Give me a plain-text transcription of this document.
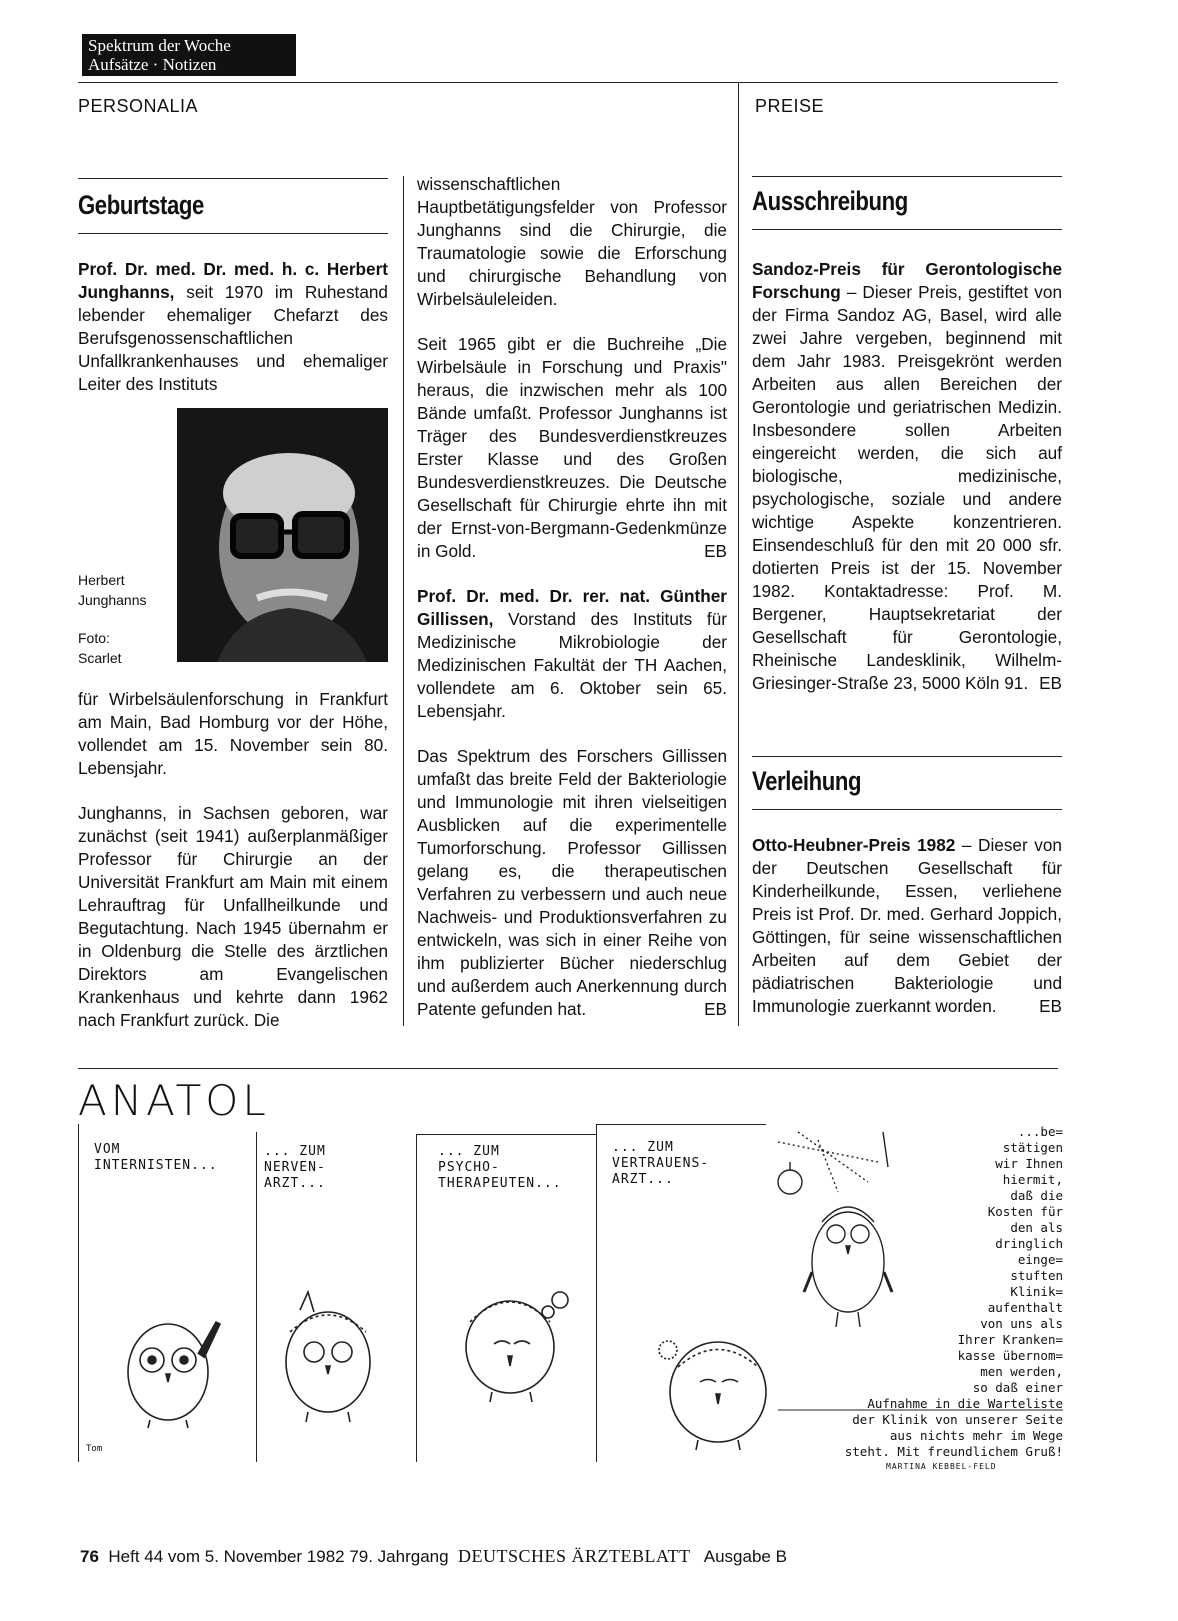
Spektrum der Woche
Aufsätze · Notizen
PERSONALIA	PREISE
Geburtstage

Prof. Dr. med. Dr. med. h. c. Herbert Junghanns, seit 1970 im Ruhestand lebender ehemaliger Chefarzt des Berufsgenossenschaftlichen Unfallkrankenhauses und ehemaliger Leiter des Instituts

Herbert Junghanns
Foto: Scarlet

für Wirbelsäulenforschung in Frankfurt am Main, Bad Homburg vor der Höhe, vollendet am 15. November sein 80. Lebensjahr.

Junghanns, in Sachsen geboren, war zunächst (seit 1941) außerplanmäßiger Professor für Chirurgie an der Universität Frankfurt am Main mit einem Lehrauftrag für Unfallheilkunde und Begutachtung. Nach 1945 übernahm er in Oldenburg die Stelle des ärztlichen Direktors am Evangelischen Krankenhaus und kehrte dann 1962 nach Frankfurt zurück. Die

wissenschaftlichen Hauptbetätigungsfelder von Professor Junghanns sind die Chirurgie, die Traumatologie sowie die Erforschung und chirurgische Behandlung von Wirbelsäuleleiden.

Seit 1965 gibt er die Buchreihe „Die Wirbelsäule in Forschung und Praxis" heraus, die inzwischen mehr als 100 Bände umfaßt. Professor Junghanns ist Träger des Bundesverdienstkreuzes Erster Klasse und des Großen Bundesverdienstkreuzes. Die Deutsche Gesellschaft für Chirurgie ehrte ihn mit der Ernst-von-Bergmann-Gedenkmünze in Gold.	EB

Prof. Dr. med. Dr. rer. nat. Günther Gillissen, Vorstand des Instituts für Medizinische Mikrobiologie der Medizinischen Fakultät der TH Aachen, vollendete am 6. Oktober sein 65. Lebensjahr.

Das Spektrum des Forschers Gillissen umfaßt das breite Feld der Bakteriologie und Immunologie mit ihren vielseitigen Ausblicken auf die experimentelle Tumorforschung. Professor Gillissen gelang es, die therapeutischen Verfahren zu verbessern und auch neue Nachweis- und Produktionsverfahren zu entwickeln, was sich in einer Reihe von ihm publizierter Bücher niederschlug und außerdem auch Anerkennung durch Patente gefunden hat.	EB

Ausschreibung

Sandoz-Preis für Gerontologische Forschung – Dieser Preis, gestiftet von der Firma Sandoz AG, Basel, wird alle zwei Jahre vergeben, beginnend mit dem Jahr 1983. Preisgekrönt werden Arbeiten aus allen Bereichen der Gerontologie und geriatrischen Medizin. Insbesondere sollen Arbeiten eingereicht werden, die sich auf biologische, medizinische, psychologische, soziale und andere wichtige Aspekte konzentrieren. Einsendeschluß für den mit 20 000 sfr. dotierten Preis ist der 15. November 1982. Kontaktadresse: Prof. M. Bergener, Hauptsekretariat der Gesellschaft für Gerontologie, Rheinische Landesklinik, Wilhelm-Griesinger-Straße 23, 5000 Köln 91. EB

Verleihung

Otto-Heubner-Preis 1982 – Dieser von der Deutschen Gesellschaft für Kinderheilkunde, Essen, verliehene Preis ist Prof. Dr. med. Gerhard Joppich, Göttingen, für seine wissenschaftlichen Arbeiten auf dem Gebiet der pädiatrischen Bakteriologie und Immunologie zuerkannt worden. EB

ANATOL
VOM
INTERNISTEN...
... ZUM
NERVEN-
ARZT...
... ZUM
PSYCHO-
THERAPEUTEN...
... ZUM
VERTRAUENS-
ARZT...
Tom
...be=
stätigen
wir Ihnen
hiermit,
daß die
Kosten für
den als
dringlich
einge=
stuften
Klinik=
aufenthalt
von uns als
Ihrer Kranken=
kasse übernom=
men werden,
so daß einer
Aufnahme in die Warteliste
der Klinik von unserer Seite
aus nichts mehr im Wege
steht. Mit freundlichem Gruß!
MARTINA KEBBEL-FELD
76 Heft 44 vom 5. November 1982 79. Jahrgang DEUTSCHES ÄRZTEBLATT Ausgabe B
